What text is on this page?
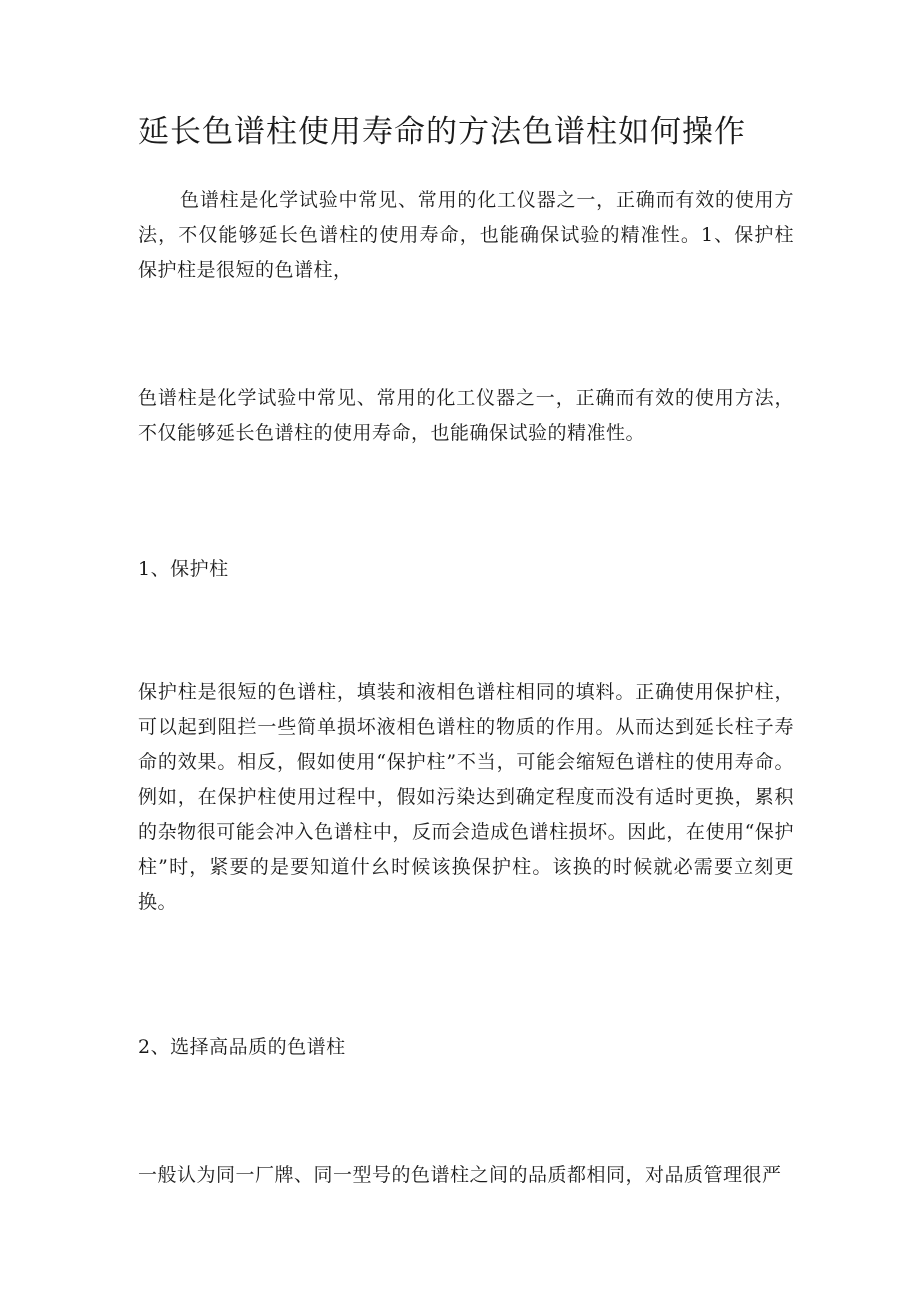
延长色谱柱使用寿命的方法色谱柱如何操作

色谱柱是化学试验中常见、常用的化工仪器之一，正确而有效的使用方法，不仅能够延长色谱柱的使用寿命，也能确保试验的精准性。1、保护柱保护柱是很短的色谱柱，

色谱柱是化学试验中常见、常用的化工仪器之一，正确而有效的使用方法，不仅能够延长色谱柱的使用寿命，也能确保试验的精准性。

1、保护柱

保护柱是很短的色谱柱，填装和液相色谱柱相同的填料。正确使用保护柱，可以起到阻拦一些简单损坏液相色谱柱的物质的作用。从而达到延长柱子寿命的效果。相反，假如使用“保护柱”不当，可能会缩短色谱柱的使用寿命。例如，在保护柱使用过程中，假如污染达到确定程度而没有适时更换，累积的杂物很可能会冲入色谱柱中，反而会造成色谱柱损坏。因此，在使用“保护柱”时，紧要的是要知道什幺时候该换保护柱。该换的时候就必需要立刻更换。

2、选择高品质的色谱柱

一般认为同一厂牌、同一型号的色谱柱之间的品质都相同，对品质管理很严
